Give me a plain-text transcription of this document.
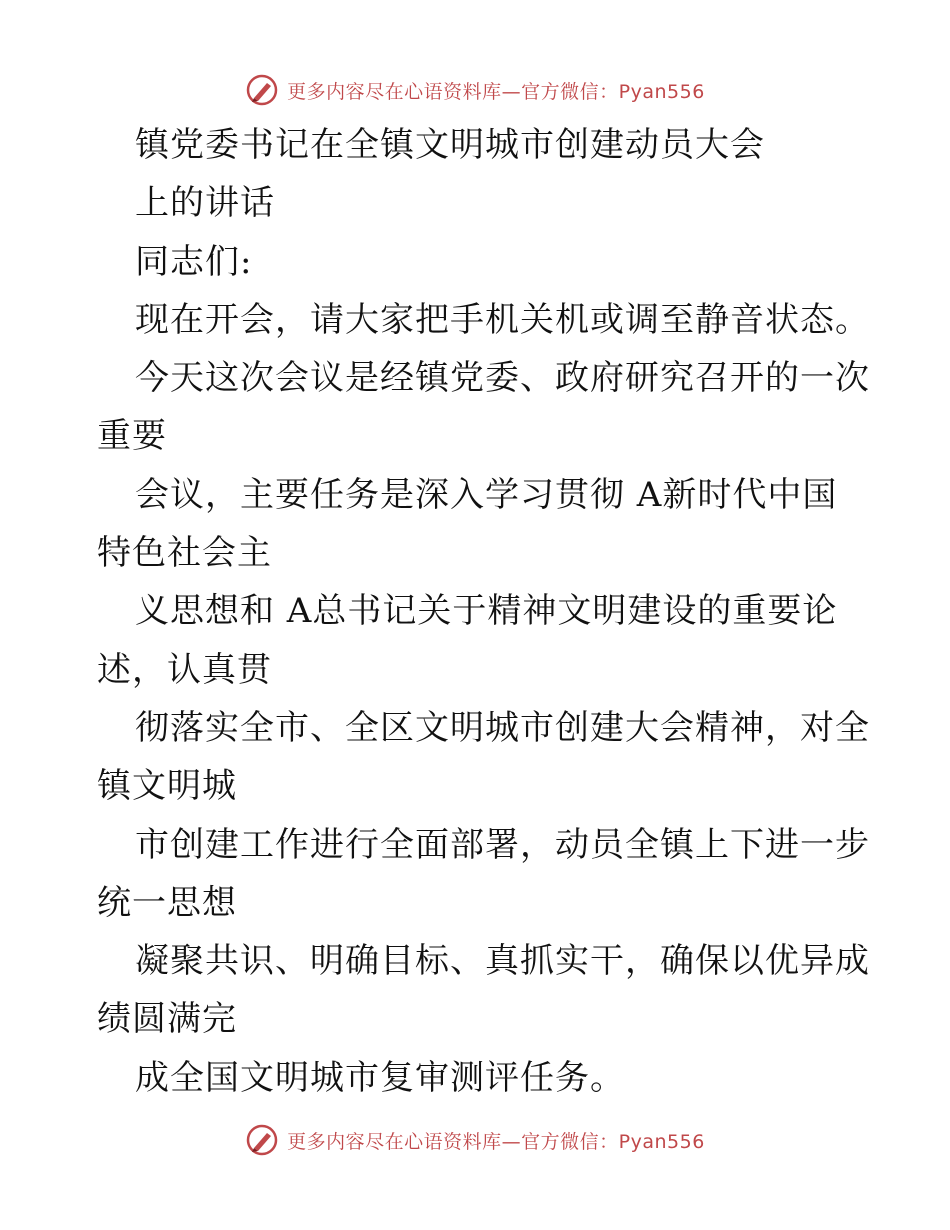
更多内容尽在心语资料库—官方微信：Pyan556
镇党委书记在全镇文明城市创建动员大会
上的讲话
同志们:
现在开会，请大家把手机关机或调至静音状态。
今天这次会议是经镇党委、政府研究召开的一次
重要
会议，主要任务是深入学习贯彻 A新时代中国
特色社会主
义思想和 A总书记关于精神文明建设的重要论
述，认真贯
彻落实全市、全区文明城市创建大会精神，对全
镇文明城
市创建工作进行全面部署，动员全镇上下进一步
统一思想
凝聚共识、明确目标、真抓实干，确保以优异成
绩圆满完
成全国文明城市复审测评任务。
更多内容尽在心语资料库—官方微信：Pyan556
